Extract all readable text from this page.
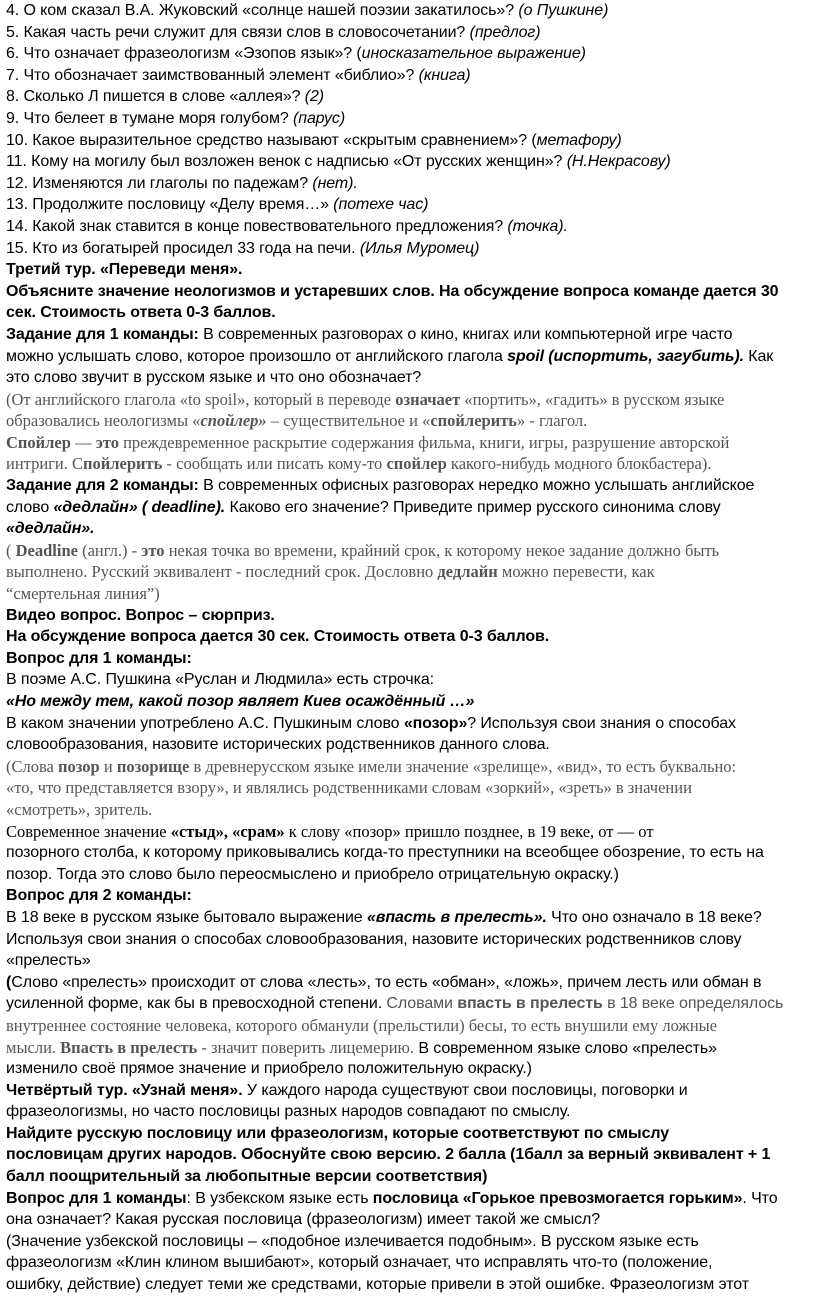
4. О ком сказал В.А. Жуковский «солнце нашей поэзии закатилось»? (о Пушкине)
5. Какая часть речи служит для связи слов в словосочетании? (предлог)
6. Что означает фразеологизм «Эзопов язык»? (иносказательное выражение)
7. Что обозначает заимствованный элемент «библио»? (книга)
8. Сколько Л пишется в слове «аллея»? (2)
9. Что белеет в тумане моря голубом? (парус)
10. Какое выразительное средство называют «скрытым сравнением»? (метафору)
11. Кому на могилу был возложен венок с надписью «От русских женщин»? (Н.Некрасову)
12. Изменяются ли глаголы по падежам? (нет).
13. Продолжите пословицу «Делу время…» (потехе час)
14. Какой знак ставится в конце повествовательного предложения? (точка).
15. Кто из богатырей просидел 33 года на печи. (Илья Муромец)
Третий тур. «Переведи меня».
Объясните значение неологизмов и устаревших слов. На обсуждение вопроса команде дается 30
сек. Стоимость ответа 0-3 баллов.
Задание для 1 команды: В современных разговорах о кино, книгах или компьютерной игре часто
можно услышать слово, которое произошло от английского глагола spoil (испортить, загубить). Как
это слово звучит в русском языке и что оно обозначает?
(От английского глагола «to spoil», который в переводе означает «портить», «гадить» в русском языке
образовались неологизмы «спойлер» – существительное и «спойлерить» - глагол.
Спойлер — это преждевременное раскрытие содержания фильма, книги, игры, разрушение авторской
интриги. Спойлерить - сообщать или писать кому-то спойлер какого-нибудь модного блокбастера).
Задание для 2 команды: В современных офисных разговорах нередко можно услышать английское
слово «дедлайн» ( deadline). Каково его значение? Приведите пример русского синонима слову
«дедлайн».
( Deadline (англ.) - это некая точка во времени, крайний срок, к которому некое задание должно быть
выполнено. Русский эквивалент - последний срок. Дословно дедлайн можно перевести, как
“смертельная линия”)
Видео вопрос. Вопрос – сюрприз.
На обсуждение вопроса дается 30 сек. Стоимость ответа 0-3 баллов.
Вопрос для 1 команды:
В поэме А.С. Пушкина «Руслан и Людмила» есть строчка:
«Но между тем, какой позор являет Киев осаждённый …»
В каком значении употреблено А.С. Пушкиным слово «позор»? Используя свои знания о способах
словообразования, назовите исторических родственников данного слова.
(Слова позор и позорище в древнерусском языке имели значение «зрелище», «вид», то есть буквально:
«то, что представляется взору», и являлись родственниками словам «зоркий», «зреть» в значении
«смотреть», зритель.
Современное значение «стыд», «срам» к слову «позор» пришло позднее, в 19 веке, от — от
позорного столба, к которому приковывались когда-то преступники на всеобщее обозрение, то есть на
позор. Тогда это слово было переосмыслено и приобрело отрицательную окраску.)
Вопрос для 2 команды:
В 18 веке в русском языке бытовало выражение «впасть в прелесть». Что оно означало в 18 веке?
Используя свои знания о способах словообразования, назовите исторических родственников слову
«прелесть»
(Слово «прелесть» происходит от слова «лесть», то есть «обман», «ложь», причем лесть или обман в
усиленной форме, как бы в превосходной степени. Словами впасть в прелесть в 18 веке определялось
внутреннее состояние человека, которого обманули (прельстили) бесы, то есть внушили ему ложные
мысли. Впасть в прелесть - значит поверить лицемерию. В современном языке слово «прелесть»
изменило своё прямое значение и приобрело положительную окраску.)
Четвёртый тур. «Узнай меня». У каждого народа существуют свои пословицы, поговорки и
фразеологизмы, но часто пословицы разных народов совпадают по смыслу.
Найдите русскую пословицу или фразеологизм, которые соответствуют по смыслу
пословицам других народов. Обоснуйте свою версию. 2 балла (1балл за верный эквивалент + 1
балл поощрительный за любопытные версии соответствия)
Вопрос для 1 команды: В узбекском языке есть пословица «Горькое превозмогается горьким». Что
она означает? Какая русская пословица (фразеологизм) имеет такой же смысл?
(Значение узбекской пословицы – «подобное излечивается подобным». В русском языке есть
фразеологизм «Клин клином вышибают», который означает, что исправлять что-то (положение,
ошибку, действие) следует теми же средствами, которые привели в этой ошибке. Фразеологизм этот
